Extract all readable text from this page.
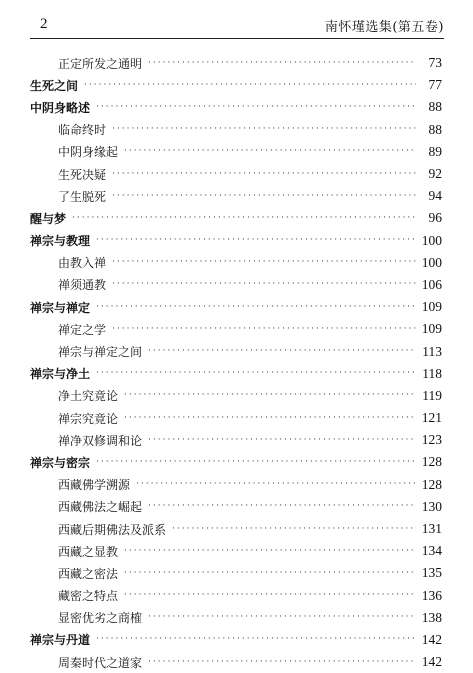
2	南怀瑾选集(第五卷)
正定所发之通明 ·····	73
生死之间 ·····	77
中阴身略述 ·····	88
临命终时 ·····	88
中阴身缘起 ·····	89
生死决疑 ·····	92
了生脱死 ·····	94
醒与梦 ·····	96
禅宗与教理 ·····	100
由教入禅 ·····	100
禅须通教 ·····	106
禅宗与禅定 ·····	109
禅定之学 ·····	109
禅宗与禅定之间 ·····	113
禅宗与净土 ·····	118
净土究竟论 ·····	119
禅宗究竟论 ·····	121
禅净双修调和论 ·····	123
禅宗与密宗 ·····	128
西藏佛学溯源 ·····	128
西藏佛法之崛起 ·····	130
西藏后期佛法及派系 ·····	131
西藏之显教 ·····	134
西藏之密法 ·····	135
藏密之特点 ·····	136
显密优劣之商榷 ·····	138
禅宗与丹道 ·····	142
周秦时代之道家 ·····	142
